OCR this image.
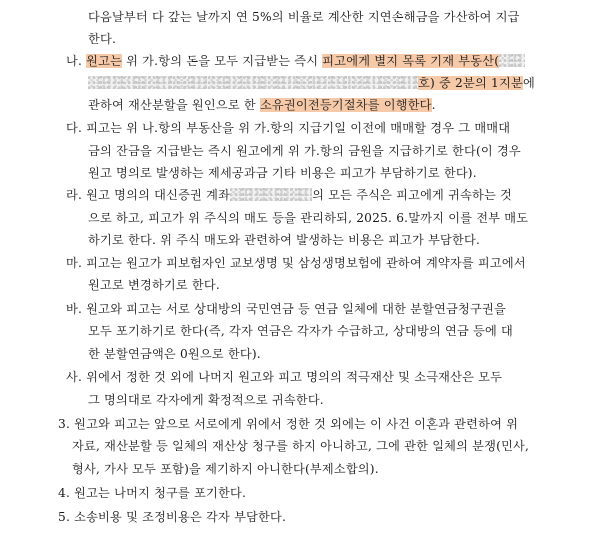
다음날부터 다 갚는 날까지 연 5%의 비율로 계산한 지연손해금을 가산하여 지급
한다.
나. 원고는 위 가.항의 돈을 모두 지급받는 즉시 피고에게 별지 목록 기재 부동산(
호) 중 2분의 1지분에
관하여 재산분할을 원인으로 한 소유권이전등기절차를 이행한다.
다. 피고는 위 나.항의 부동산을 위 가.항의 지급기일 이전에 매매할 경우 그 매매대
금의 잔금을 지급받는 즉시 원고에게 위 가.항의 금원을 지급하기로 한다(이 경우
원고 명의로 발생하는 제세공과금 기타 비용은 피고가 부담하기로 한다).
라. 원고 명의의 대신증권 계좌	의 모든 주식은 피고에게 귀속하는 것
으로 하고, 피고가 위 주식의 매도 등을 관리하되, 2025. 6.말까지 이를 전부 매도
하기로 한다. 위 주식 매도와 관련하여 발생하는 비용은 피고가 부담한다.
마. 피고는 원고가 피보험자인 교보생명 및 삼성생명보험에 관하여 계약자를 피고에서
원고로 변경하기로 한다.
바. 원고와 피고는 서로 상대방의 국민연금 등 연금 일체에 대한 분할연금청구권을
모두 포기하기로 한다(즉, 각자 연금은 각자가 수급하고, 상대방의 연금 등에 대
한 분할연금액은 0원으로 한다).
사. 위에서 정한 것 외에 나머지 원고와 피고 명의의 적극재산 및 소극재산은 모두
그 명의대로 각자에게 확정적으로 귀속한다.
3. 원고와 피고는 앞으로 서로에게 위에서 정한 것 외에는 이 사건 이혼과 관련하여 위
자료, 재산분할 등 일체의 재산상 청구를 하지 아니하고, 그에 관한 일체의 분쟁(민사,
형사, 가사 모두 포함)을 제기하지 아니한다(부제소합의).
4. 원고는 나머지 청구를 포기한다.
5. 소송비용 및 조정비용은 각자 부담한다.
